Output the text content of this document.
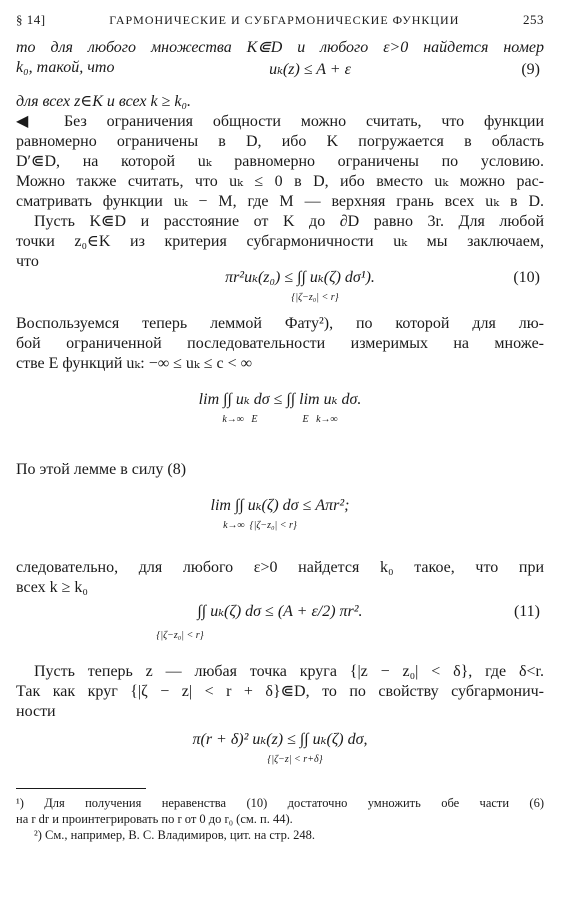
§ 14]	ГАРМОНИЧЕСКИЕ И СУБГАРМОНИЧЕСКИЕ ФУНКЦИИ	253
то для любого множества K⋐D и любого ε>0 найдется номер
k₀, такой, что	uₖ(z) ≤ A + ε	(9)
для всех z∈K и всех k ≥ k₀.
◀ Без ограничения общности можно считать, что функции
равномерно ограничены в D, ибо K погружается в область
D′⋐D, на которой uₖ равномерно ограничены по условию.
Можно также считать, что uₖ ≤ 0 в D, ибо вместо uₖ можно рас-
сматривать функции uₖ − M, где M — верхняя грань всех uₖ в D.
Пусть K⋐D и расстояние от K до ∂D равно 3r. Для любой
точки z₀∈K из критерия субгармоничности uₖ мы заключаем,
что
πr²uₖ(z₀) ≤ ∫∫ uₖ(ζ) dσ¹).	(10)
{|ζ−z₀| < r}
Воспользуемся теперь леммой Фату²), по которой для лю-
бой ограниченной последовательности измеримых на множе-
стве E функций uₖ: −∞ ≤ uₖ ≤ c < ∞
lim ∫∫ uₖ dσ ≤ ∫∫ lim uₖ dσ.
k→∞   E                  E   k→∞
По этой лемме в силу (8)
lim ∫∫ uₖ(ζ) dσ ≤ Aπr²;
k→∞  {|ζ−z₀| < r}
следовательно, для любого ε>0 найдется k₀ такое, что при
всех k ≥ k₀
∫∫ uₖ(ζ) dσ ≤ (A + ε/2) πr².	(11)
{|ζ−z₀| < r}
Пусть теперь z — любая точка круга {|z − z₀| < δ}, где δ<r.
Так как круг {|ζ − z| < r + δ}⋐D, то по свойству субгармонич-
ности
π(r + δ)² uₖ(z) ≤ ∫∫ uₖ(ζ) dσ,
{|ζ−z| < r+δ}
¹) Для получения неравенства (10) достаточно умножить обе части (6)
на r dr и проинтегрировать по r от 0 до r₀ (см. п. 44).
²) См., например, В. С. Владимиров, цит. на стр. 248.
